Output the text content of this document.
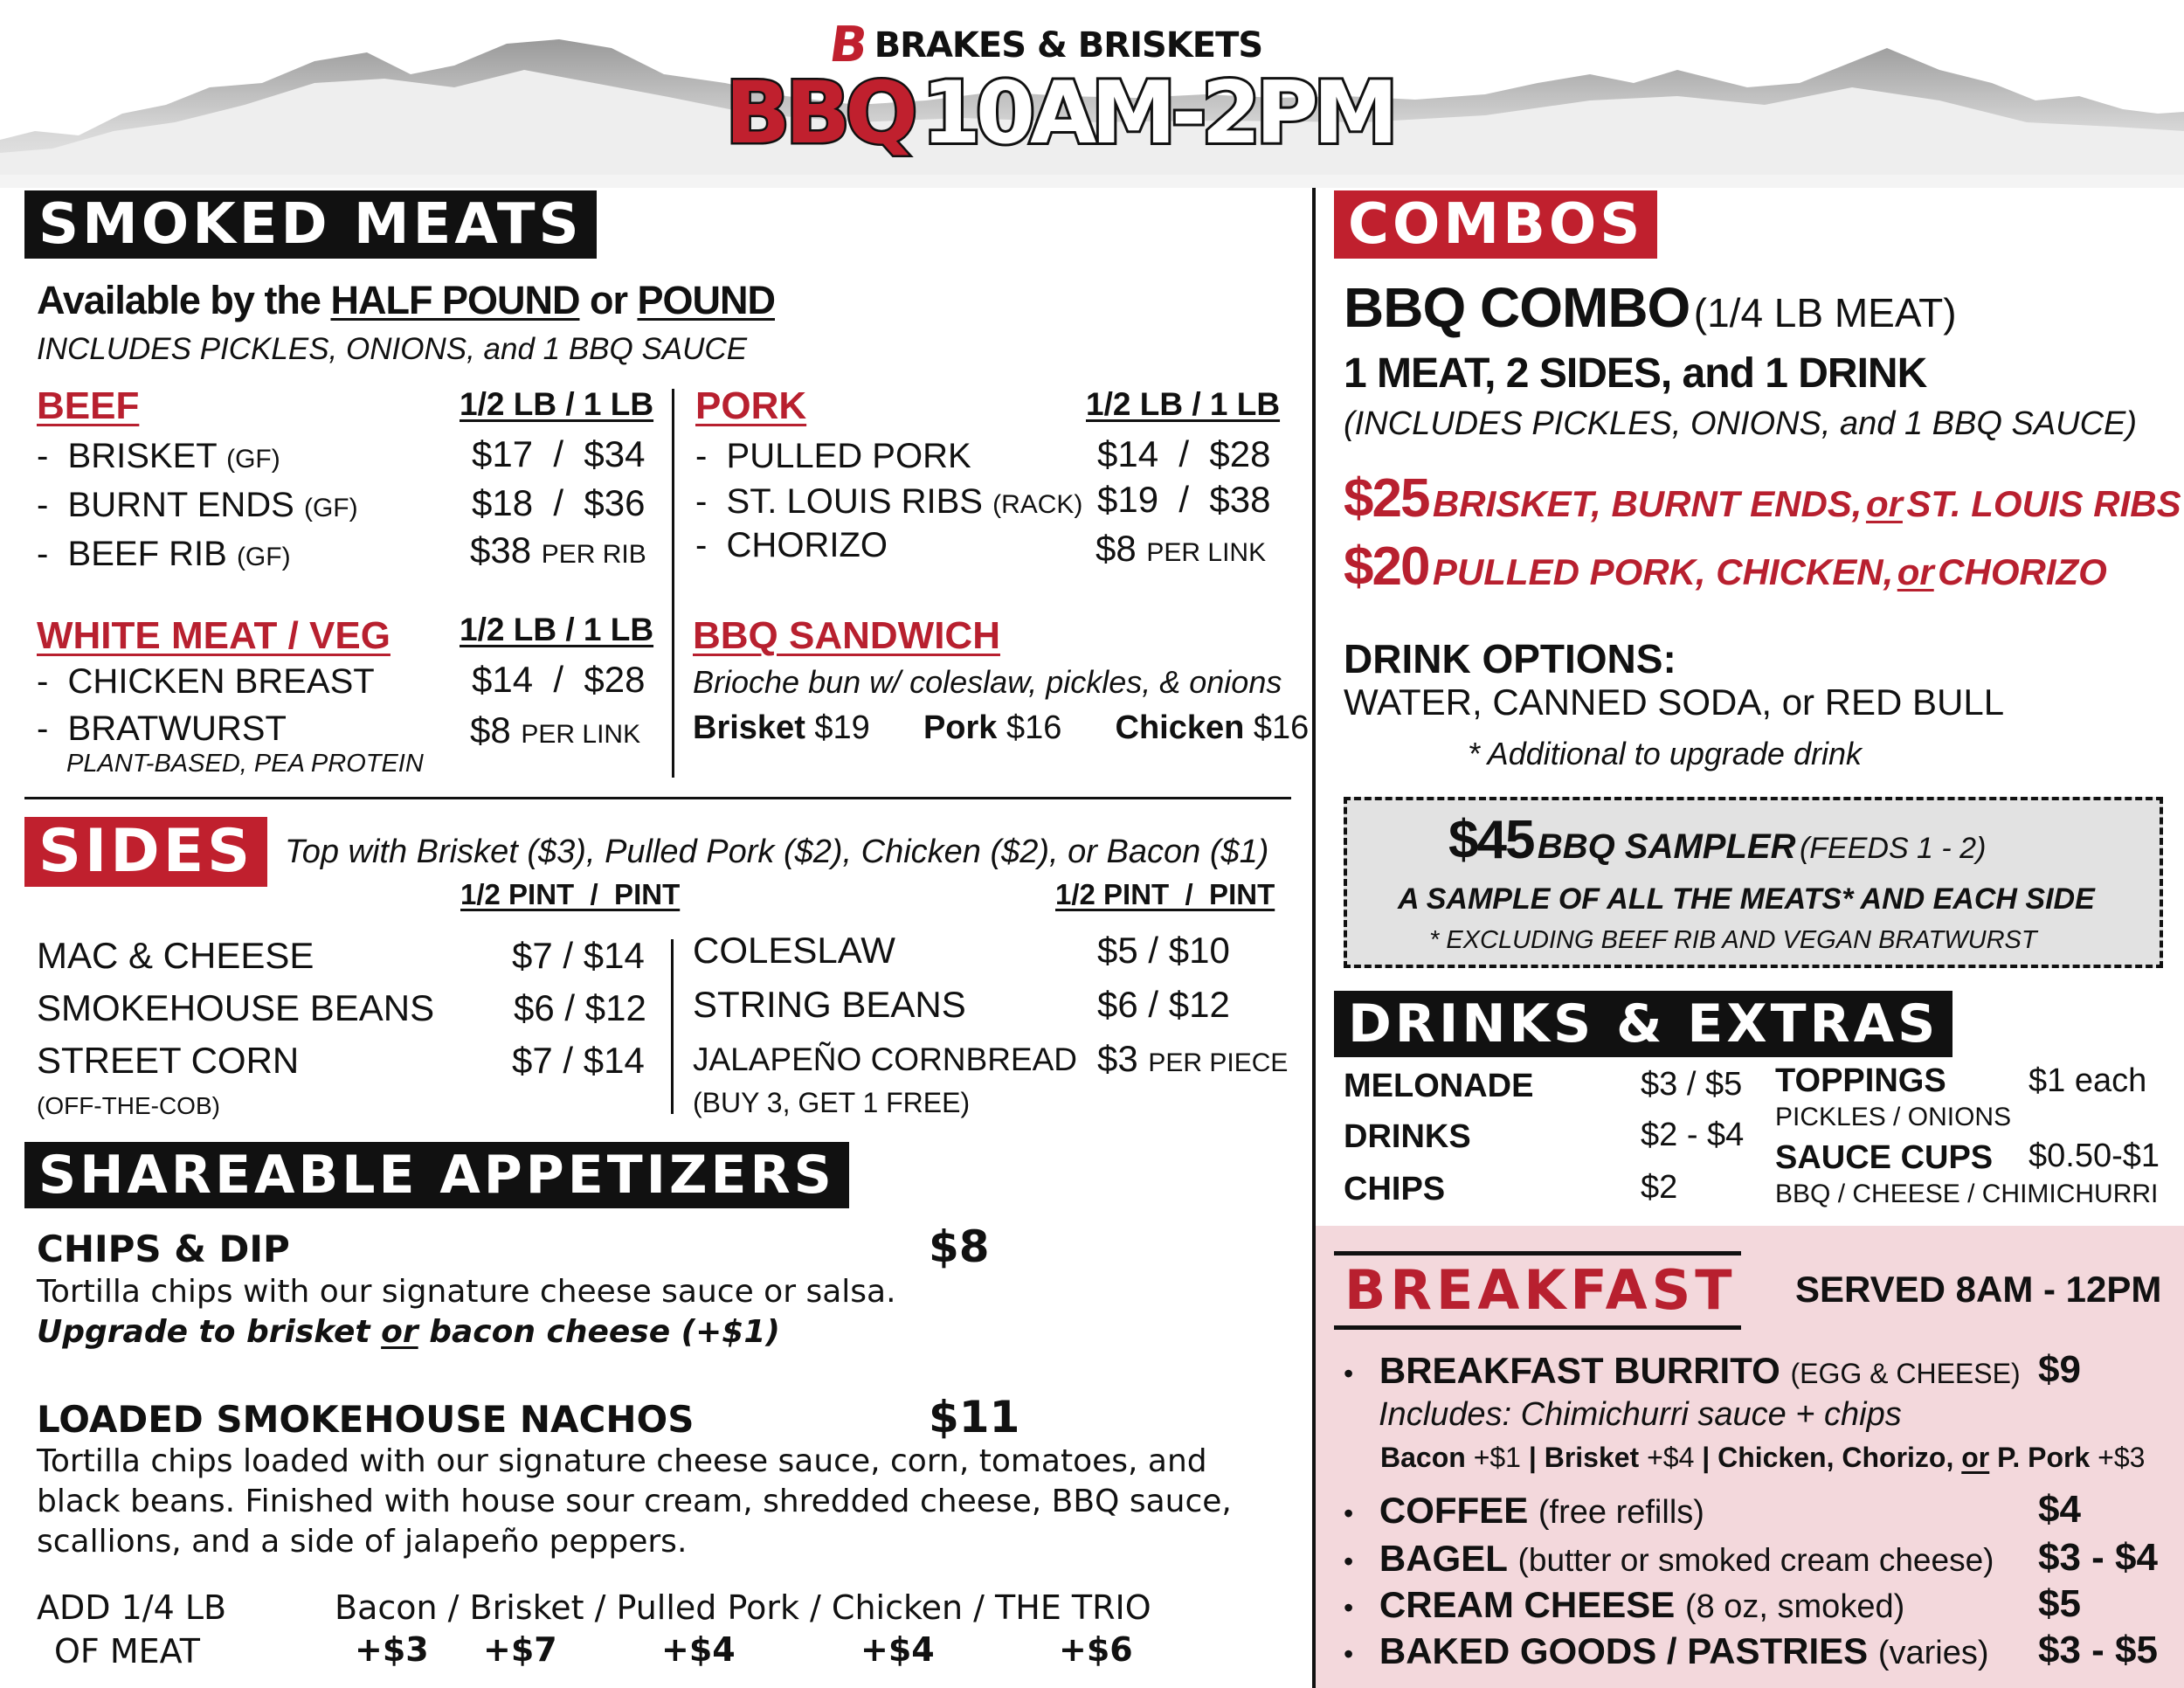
B BRAKES & BRISKETS
BBQ 10AM-2PM
SMOKED MEATS
Available by the HALF POUND or POUND
INCLUDES PICKLES, ONIONS, and 1 BBQ SAUCE
BEEF	1/2 LB / 1 LB
-  BRISKET (GF)	$17  /  $34
-  BURNT ENDS (GF)	$18  /  $36
-  BEEF RIB (GF)	$38 PER RIB
PORK	1/2 LB / 1 LB
-  PULLED PORK	$14  /  $28
-  ST. LOUIS RIBS (RACK) $19  /  $38
-  CHORIZO	$8 PER LINK
WHITE MEAT / VEG 1/2 LB / 1 LB
-  CHICKEN BREAST	$14  /  $28
-  BRATWURST	$8 PER LINK
PLANT-BASED, PEA PROTEIN
BBQ SANDWICH
Brioche bun w/ coleslaw, pickles, & onions
Brisket $19 Pork $16 Chicken $16
SIDES Top with Brisket ($3), Pulled Pork ($2), Chicken ($2), or Bacon ($1)
1/2 PINT  /  PINT	1/2 PINT  /  PINT
MAC & CHEESE	$7 / $14
SMOKEHOUSE BEANS $6 / $12
STREET CORN	$7 / $14
(OFF-THE-COB)
COLESLAW	$5 / $10
STRING BEANS	$6 / $12
JALAPEÑO CORNBREAD $3 PER PIECE
(BUY 3, GET 1 FREE)
SHAREABLE APPETIZERS
CHIPS & DIP	$8
Tortilla chips with our signature cheese sauce or salsa.
Upgrade to brisket or bacon cheese (+$1)
LOADED SMOKEHOUSE NACHOS	$11
Tortilla chips loaded with our signature cheese sauce, corn, tomatoes, and
black beans. Finished with house sour cream, shredded cheese, BBQ sauce,
scallions, and a side of jalapeño peppers.
ADD 1/4 LB
OF MEAT
Bacon / Brisket / Pulled Pork / Chicken / THE TRIO
+$3 +$7	+$4	+$4	+$6
COMBOS
BBQ COMBO (1/4 LB MEAT)
1 MEAT, 2 SIDES, and 1 DRINK
(INCLUDES PICKLES, ONIONS, and 1 BBQ SAUCE)
$25 BRISKET, BURNT ENDS, or ST. LOUIS RIBS
$20 PULLED PORK, CHICKEN, or CHORIZO
DRINK OPTIONS:
WATER, CANNED SODA, or RED BULL
* Additional to upgrade drink
$45 BBQ SAMPLER (FEEDS 1 - 2)
A SAMPLE OF ALL THE MEATS* AND EACH SIDE
* EXCLUDING BEEF RIB AND VEGAN BRATWURST
DRINKS & EXTRAS
MELONADE	$3 / $5
DRINKS	$2 - $4
CHIPS	$2
TOPPINGS $1 each
PICKLES / ONIONS
SAUCE CUPS $0.50-$1
BBQ / CHEESE / CHIMICHURRI
BREAKFAST SERVED 8AM - 12PM
• BREAKFAST BURRITO (EGG & CHEESE) $9
Includes: Chimichurri sauce + chips
Bacon +$1 | Brisket +$4 | Chicken, Chorizo, or P. Pork +$3
• COFFEE (free refills)	$4
• BAGEL (butter or smoked cream cheese) $3 - $4
• CREAM CHEESE (8 oz, smoked)	$5
• BAKED GOODS / PASTRIES (varies) $3 - $5
